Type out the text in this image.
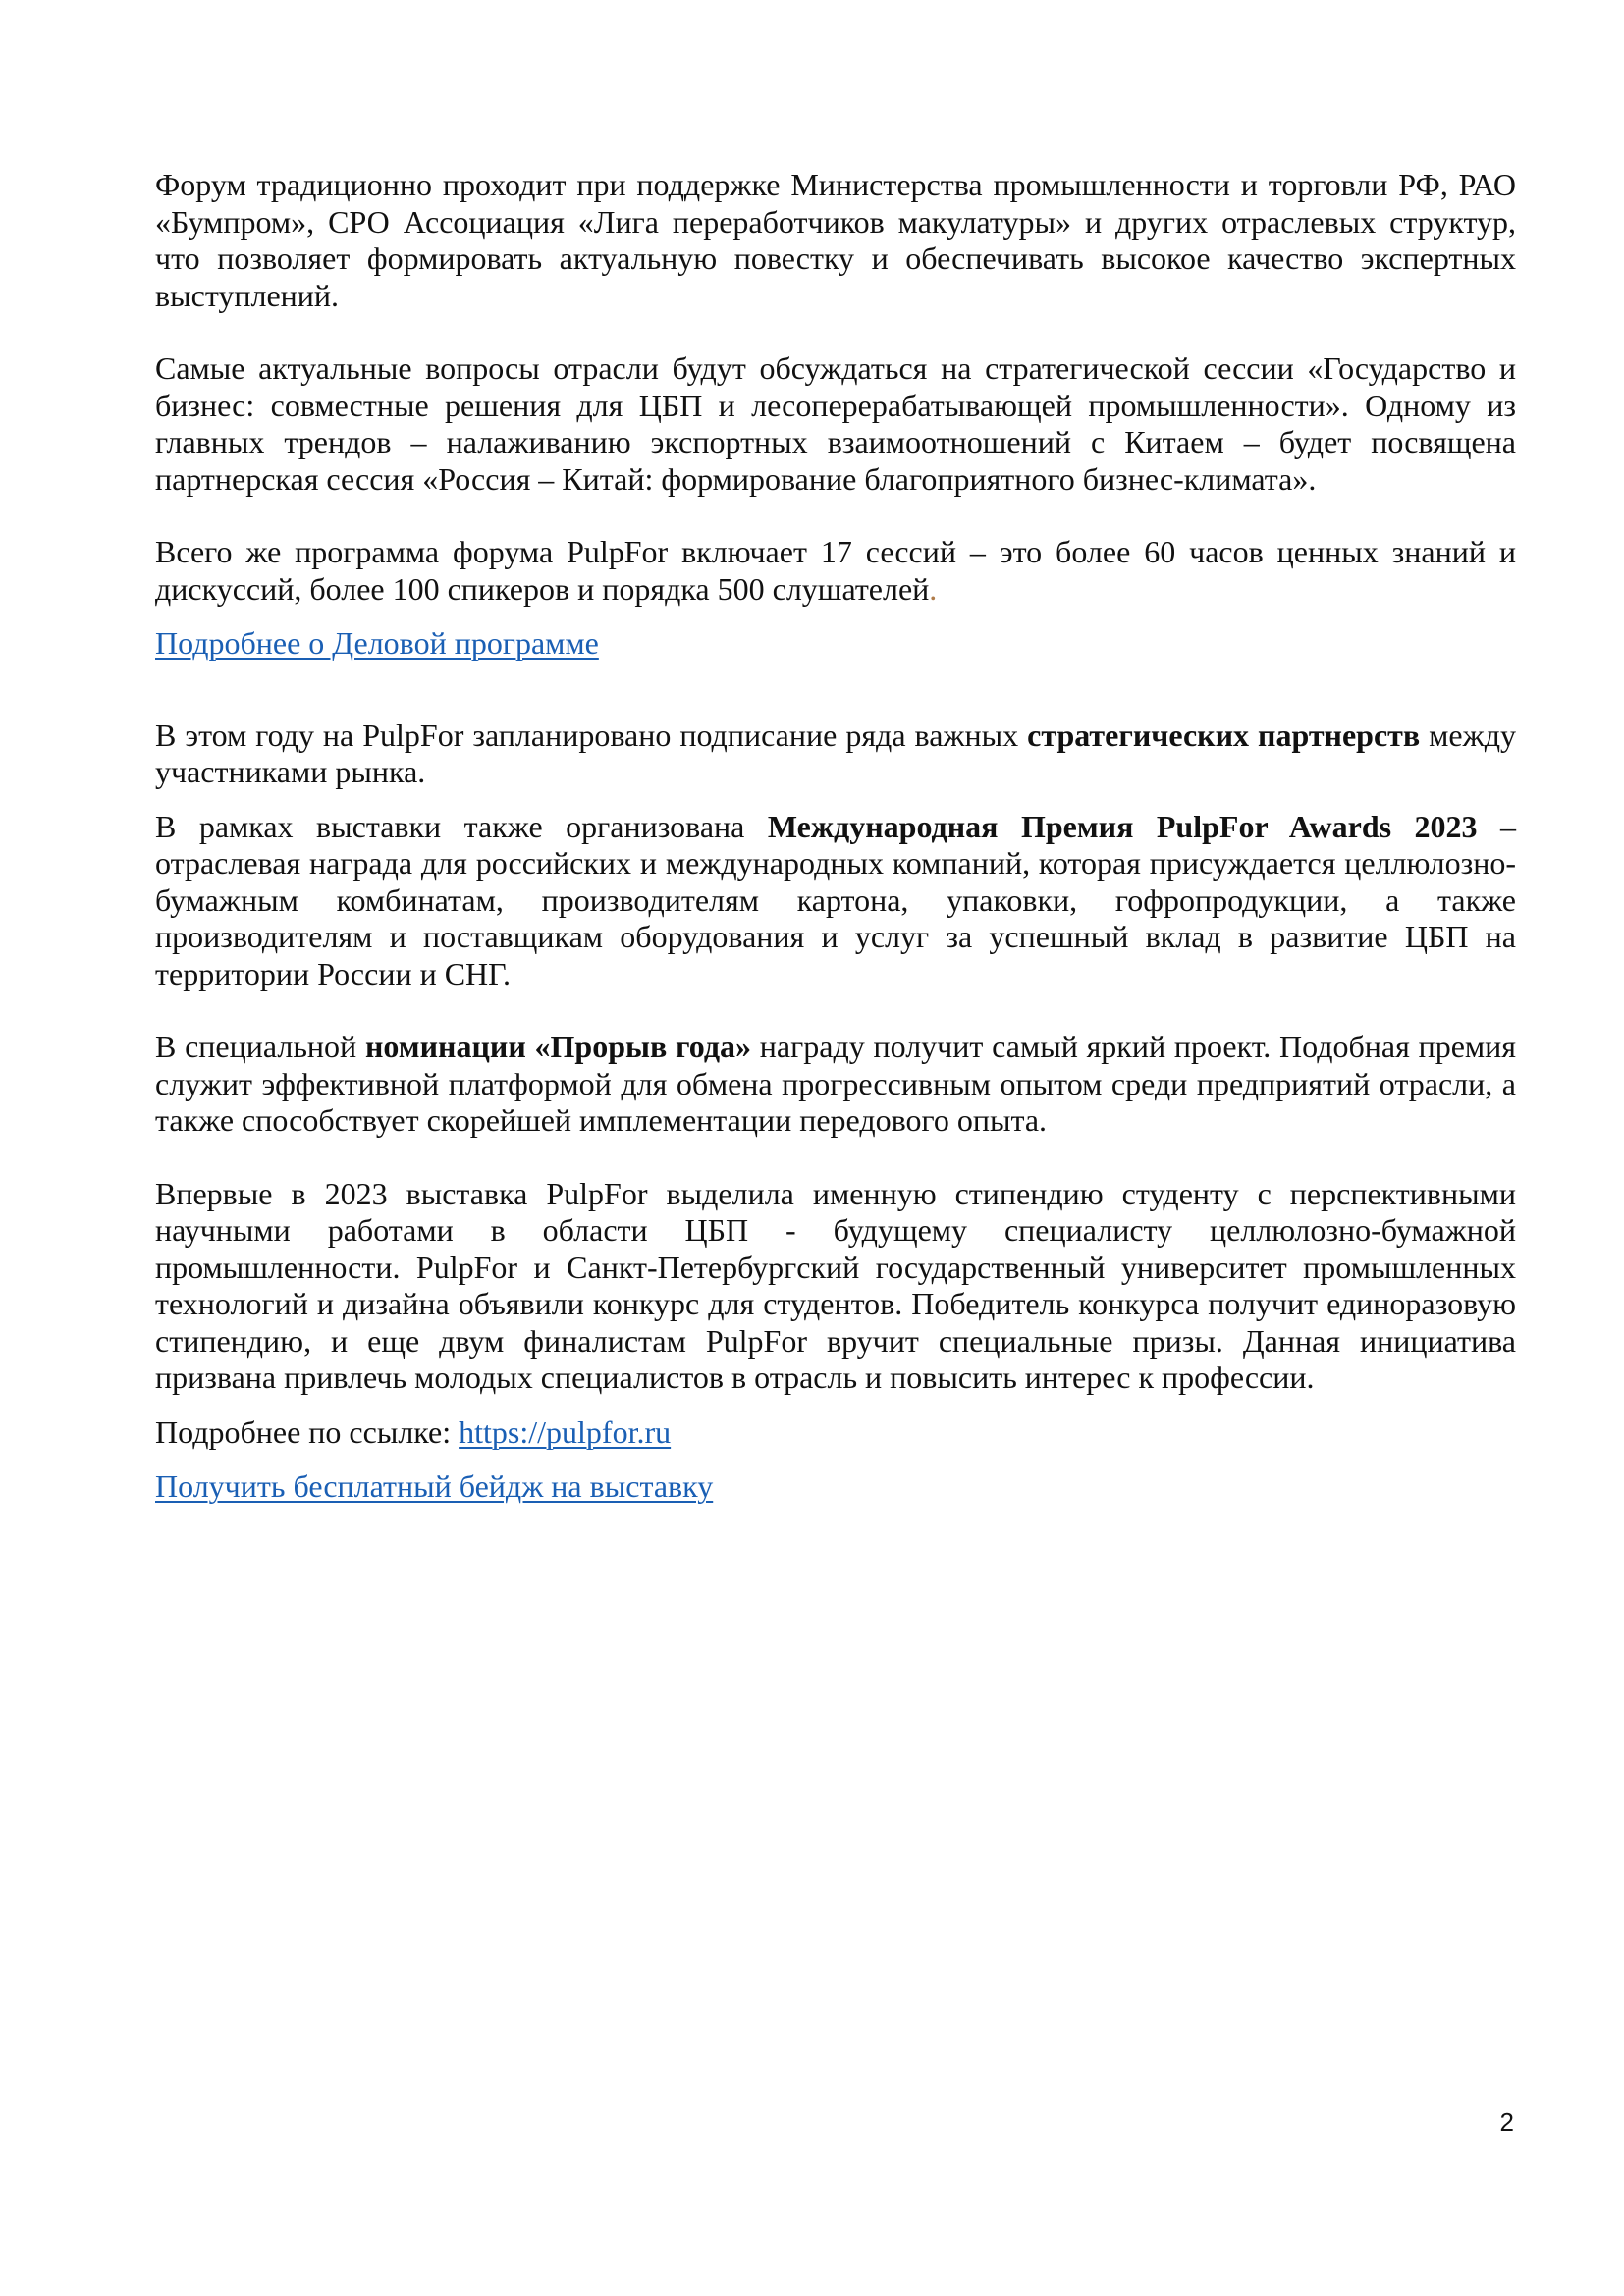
Форум традиционно проходит при поддержке Министерства промышленности и торговли РФ, РАО «Бумпром», СРО Ассоциация «Лига переработчиков макулатуры» и других отраслевых структур, что позволяет формировать актуальную повестку и обеспечивать высокое качество экспертных выступлений.

Самые актуальные вопросы отрасли будут обсуждаться на стратегической сессии «Государство и бизнес: совместные решения для ЦБП и лесоперерабатывающей промышленности». Одному из главных трендов – налаживанию экспортных взаимоотношений с Китаем – будет посвящена партнерская сессия «Россия – Китай: формирование благоприятного бизнес-климата».

Всего же программа форума PulpFor включает 17 сессий – это более 60 часов ценных знаний и дискуссий, более 100 спикеров и порядка 500 слушателей.

Подробнее о Деловой программе

В этом году на PulpFor запланировано подписание ряда важных стратегических партнерств между участниками рынка.

В рамках выставки также организована Международная Премия PulpFor Awards 2023 – отраслевая награда для российских и международных компаний, которая присуждается целлюлозно-бумажным комбинатам, производителям картона, упаковки, гофропродукции, а также производителям и поставщикам оборудования и услуг за успешный вклад в развитие ЦБП на территории России и СНГ.

В специальной номинации «Прорыв года» награду получит самый яркий проект. Подобная премия служит эффективной платформой для обмена прогрессивным опытом среди предприятий отрасли, а также способствует скорейшей имплементации передового опыта.

Впервые в 2023 выставка PulpFor выделила именную стипендию студенту с перспективными научными работами в области ЦБП - будущему специалисту целлюлозно-бумажной промышленности. PulpFor и Санкт-Петербургский государственный университет промышленных технологий и дизайна объявили конкурс для студентов. Победитель конкурса получит единоразовую стипендию, и еще двум финалистам PulpFor вручит специальные призы. Данная инициатива призвана привлечь молодых специалистов в отрасль и повысить интерес к профессии.

Подробнее по ссылке: https://pulpfor.ru

Получить бесплатный бейдж на выставку

2
